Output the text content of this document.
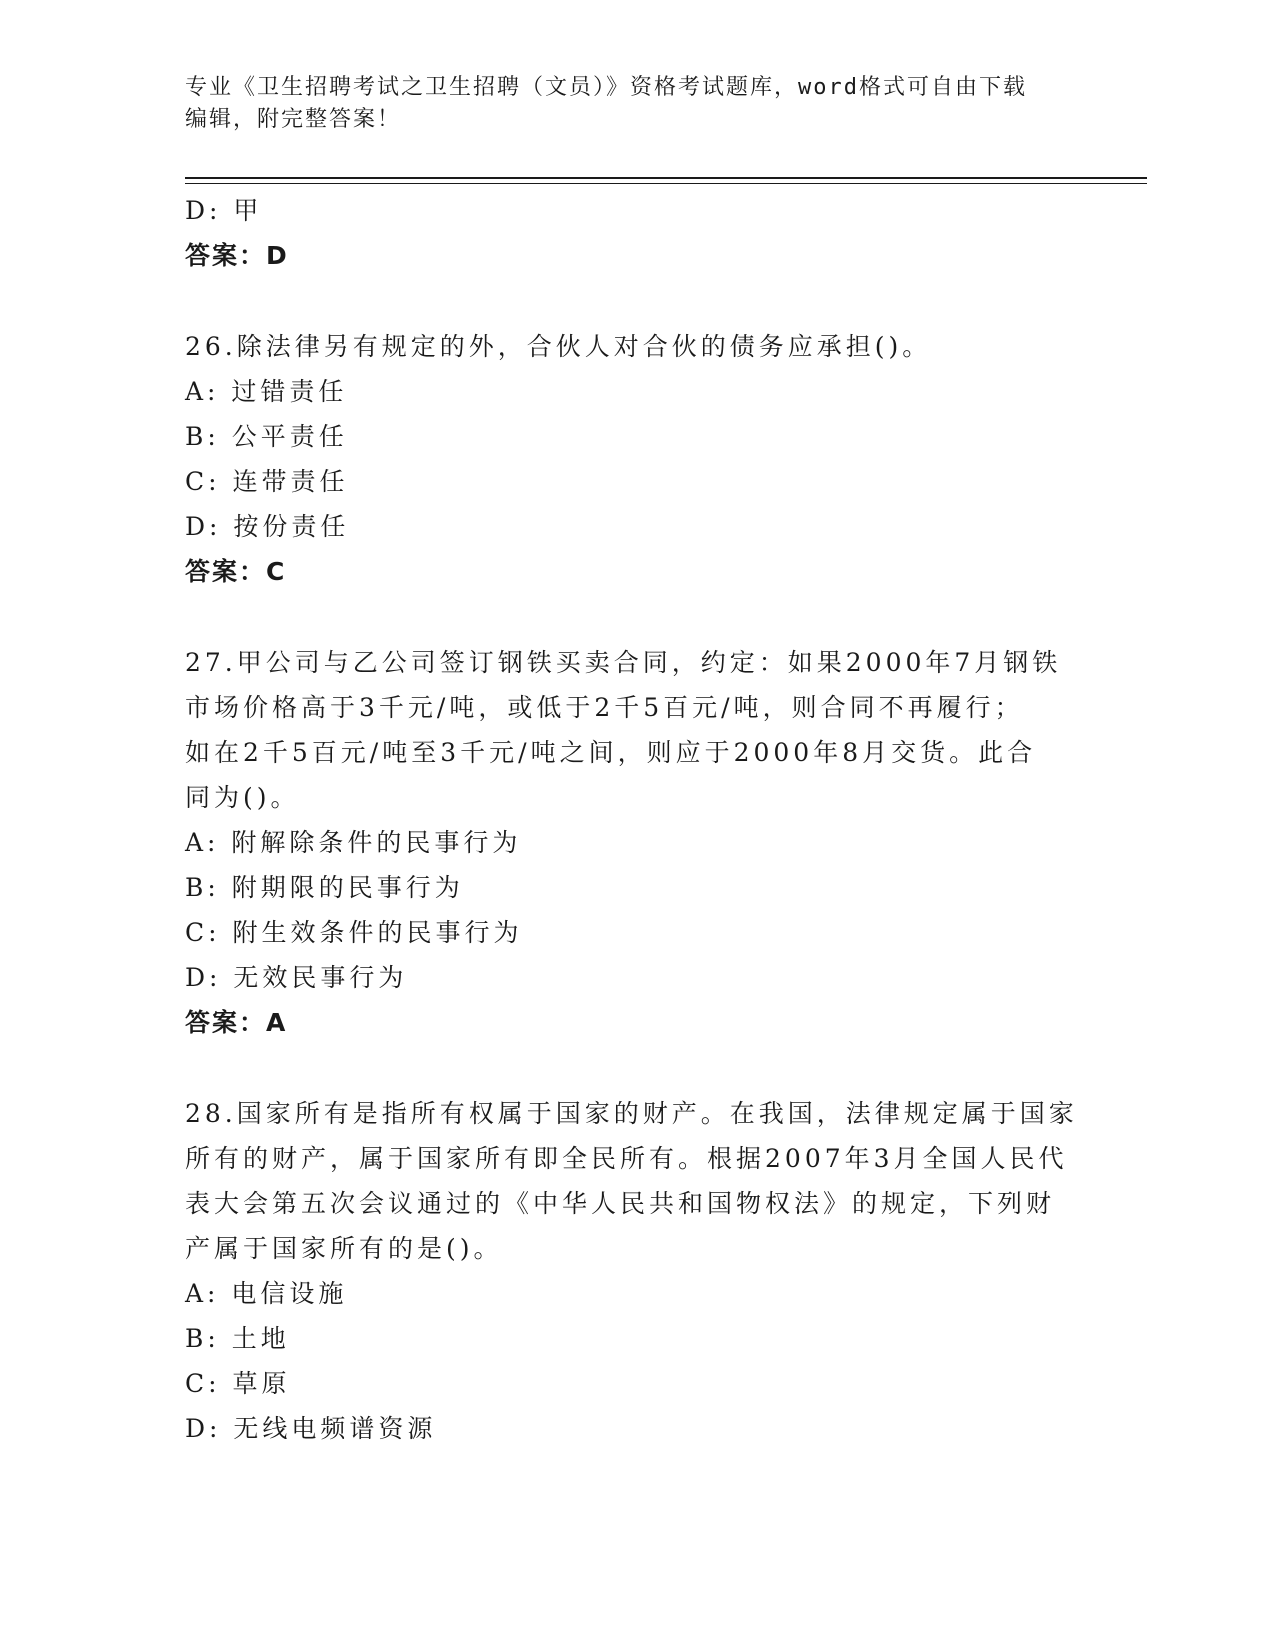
专业《卫生招聘考试之卫生招聘（文员）》资格考试题库，word格式可自由下载
编辑，附完整答案！
D: 甲
答案：D
26.除法律另有规定的外，合伙人对合伙的债务应承担()。
A: 过错责任
B: 公平责任
C: 连带责任
D: 按份责任
答案：C
27.甲公司与乙公司签订钢铁买卖合同，约定：如果2000年7月钢铁
市场价格高于3千元/吨，或低于2千5百元/吨，则合同不再履行；
如在2千5百元/吨至3千元/吨之间，则应于2000年8月交货。此合
同为()。
A: 附解除条件的民事行为
B: 附期限的民事行为
C: 附生效条件的民事行为
D: 无效民事行为
答案：A
28.国家所有是指所有权属于国家的财产。在我国，法律规定属于国家
所有的财产，属于国家所有即全民所有。根据2007年3月全国人民代
表大会第五次会议通过的《中华人民共和国物权法》的规定，下列财
产属于国家所有的是()。
A: 电信设施
B: 土地
C: 草原
D: 无线电频谱资源
